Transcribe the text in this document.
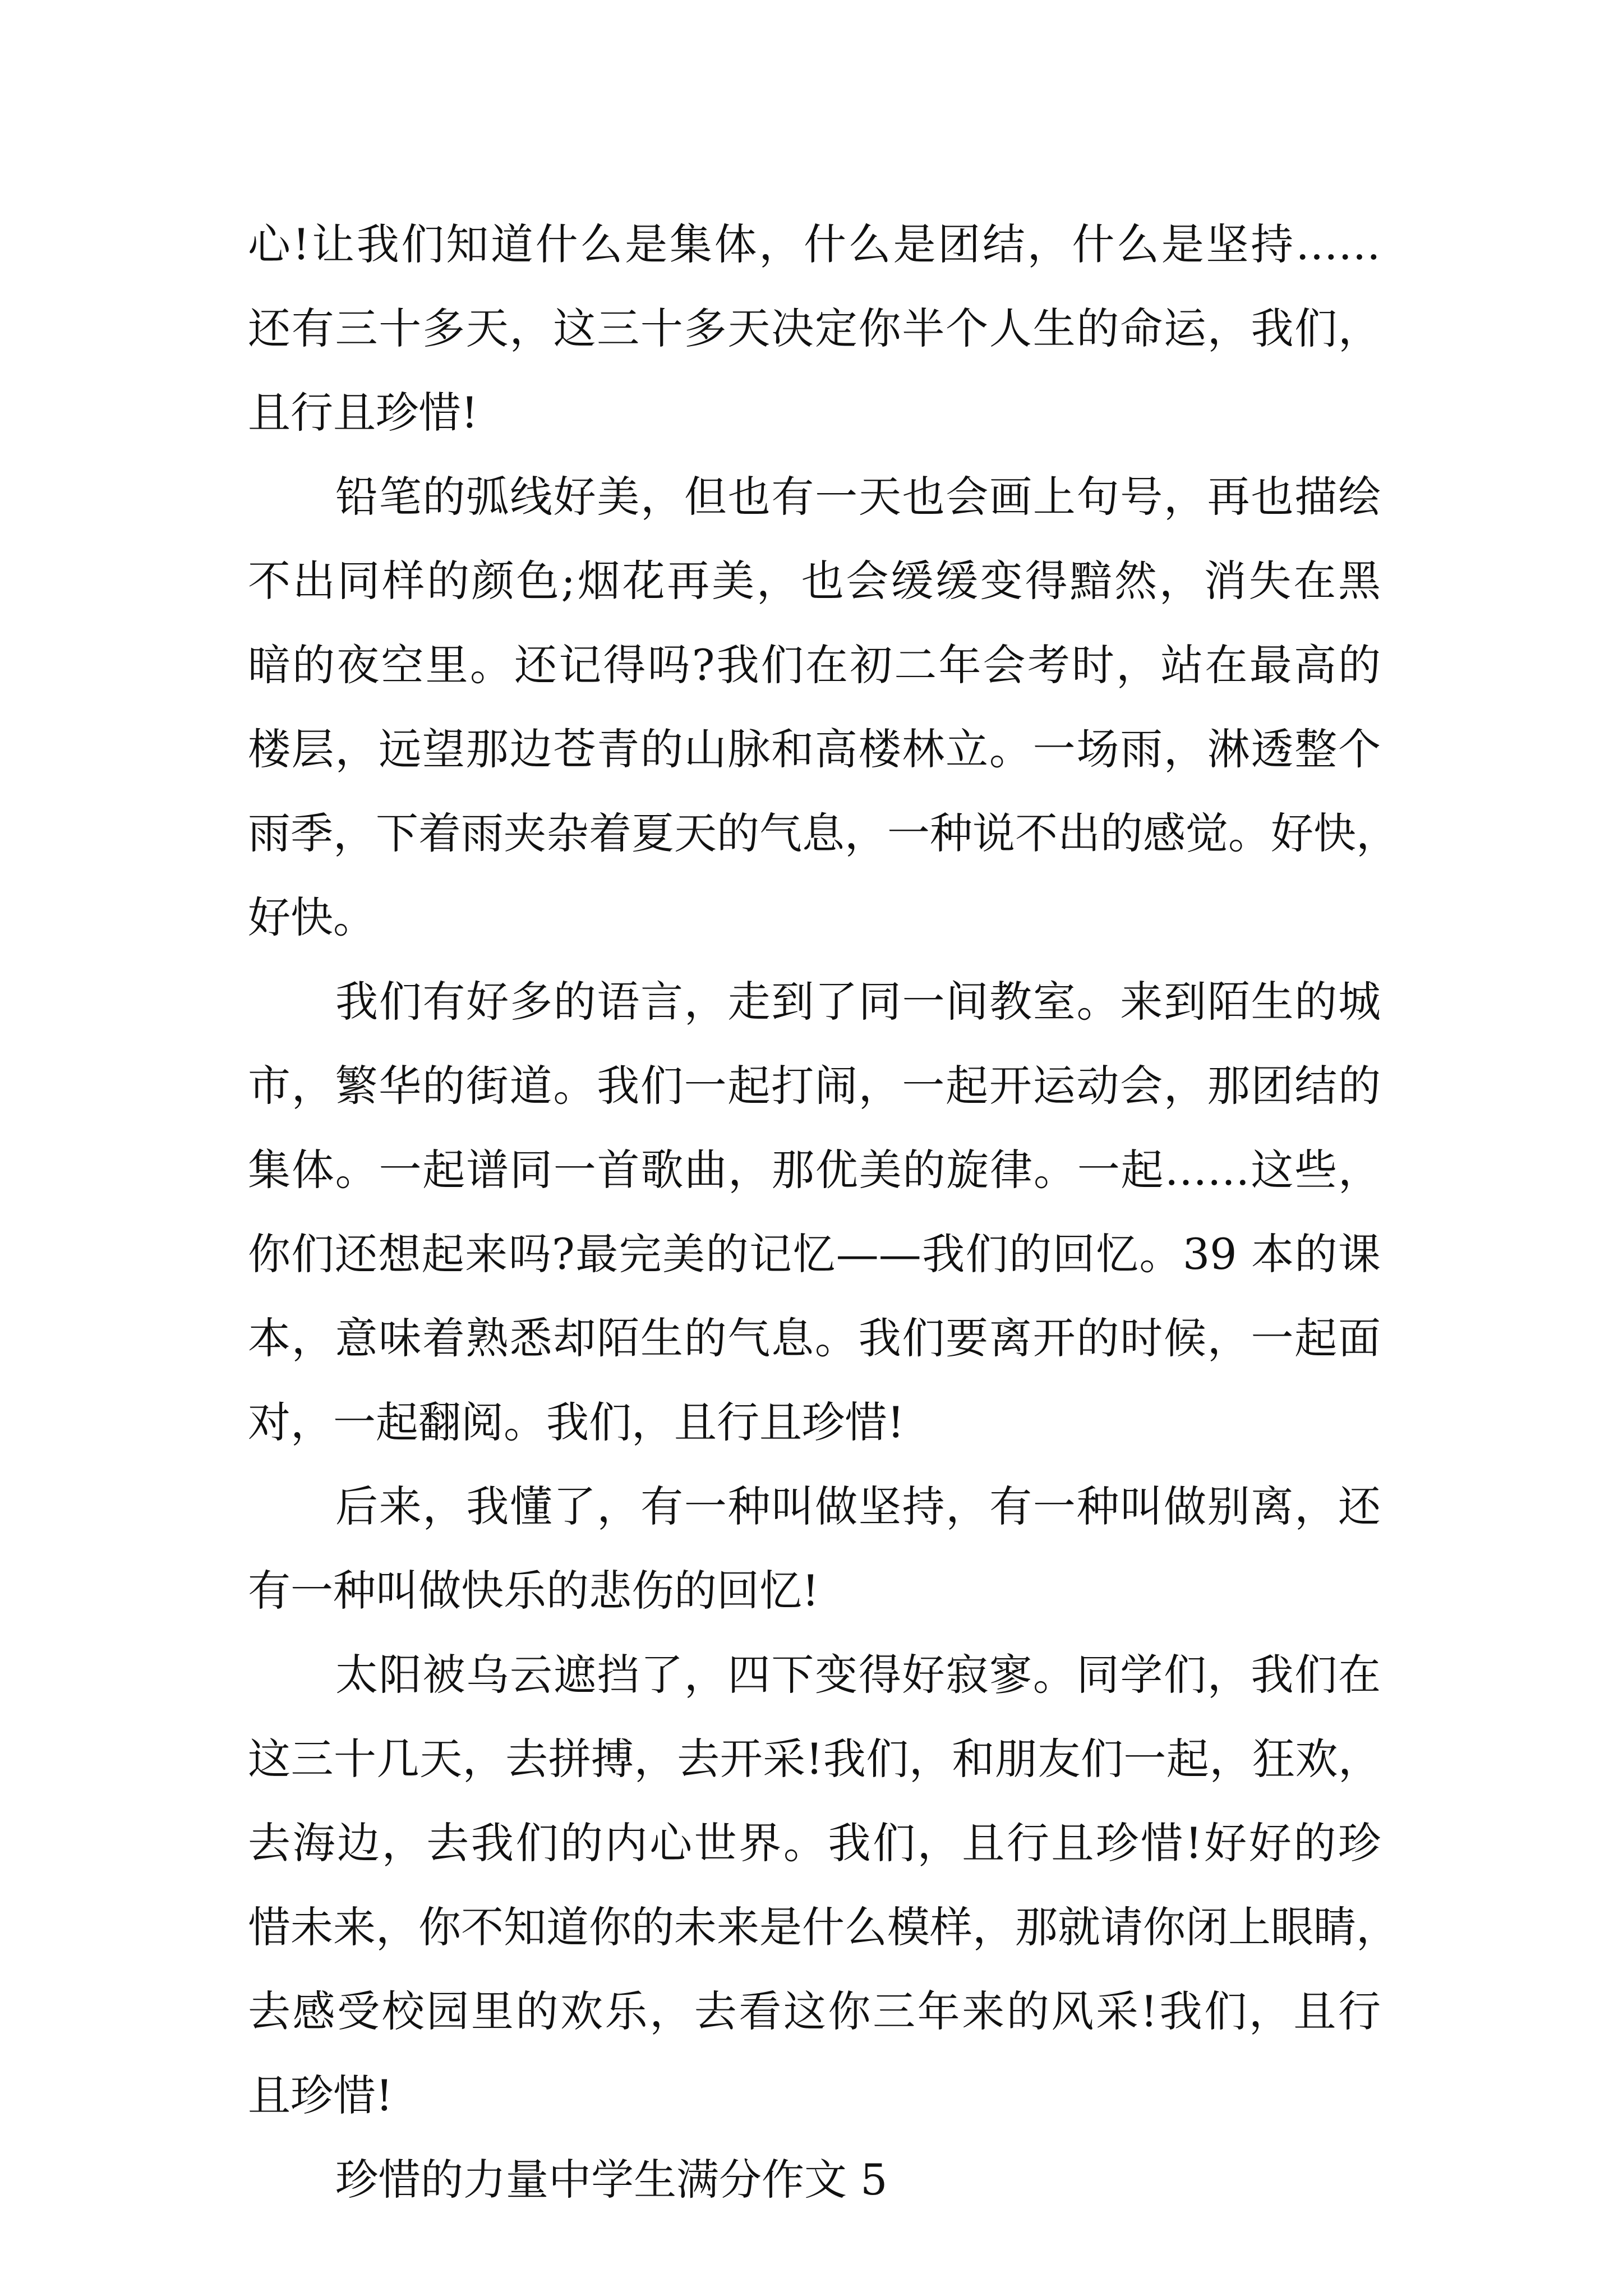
心!让我们知道什么是集体，什么是团结，什么是坚持……
还有三十多天，这三十多天决定你半个人生的命运，我们，
且行且珍惜!
铅笔的弧线好美，但也有一天也会画上句号，再也描绘
不出同样的颜色;烟花再美，也会缓缓变得黯然，消失在黑
暗的夜空里。还记得吗?我们在初二年会考时，站在最高的
楼层，远望那边苍青的山脉和高楼林立。一场雨，淋透整个
雨季，下着雨夹杂着夏天的气息，一种说不出的感觉。好快，
好快。
我们有好多的语言，走到了同一间教室。来到陌生的城
市，繁华的街道。我们一起打闹，一起开运动会，那团结的
集体。一起谱同一首歌曲，那优美的旋律。一起……这些，
你们还想起来吗?最完美的记忆——我们的回忆。39 本的课
本，意味着熟悉却陌生的气息。我们要离开的时候，一起面
对，一起翻阅。我们，且行且珍惜!
后来，我懂了，有一种叫做坚持，有一种叫做别离，还
有一种叫做快乐的悲伤的回忆!
太阳被乌云遮挡了，四下变得好寂寥。同学们，我们在
这三十几天，去拼搏，去开采!我们，和朋友们一起，狂欢，
去海边，去我们的内心世界。我们，且行且珍惜!好好的珍
惜未来，你不知道你的未来是什么模样，那就请你闭上眼睛，
去感受校园里的欢乐，去看这你三年来的风采!我们，且行
且珍惜!
珍惜的力量中学生满分作文 5
